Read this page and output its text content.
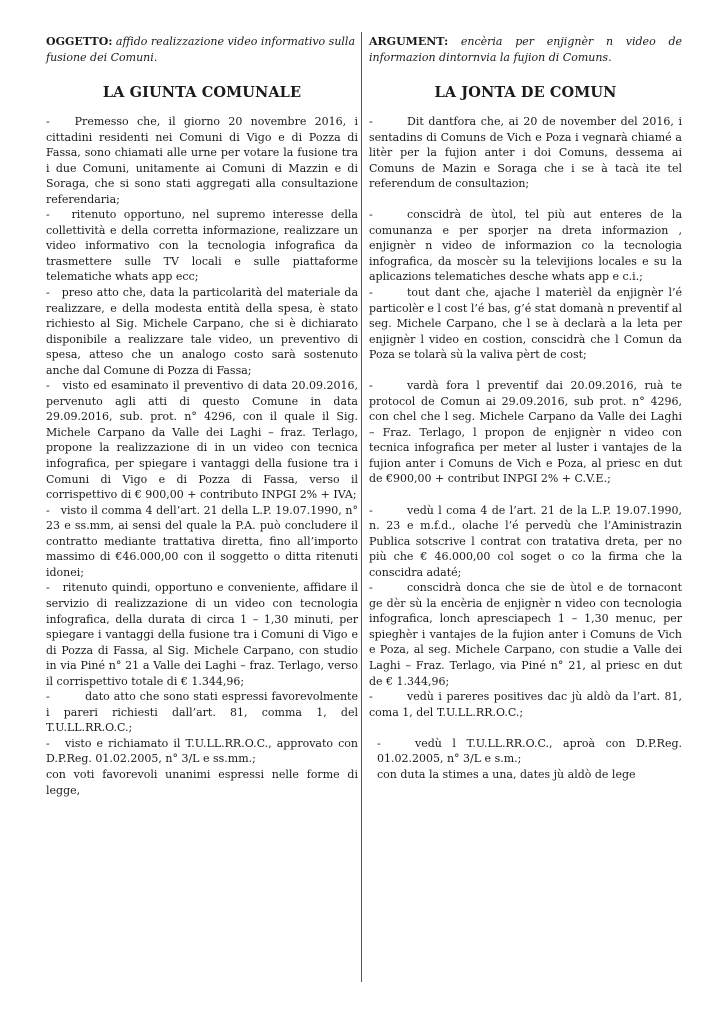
OGGETTO: affido realizzazione video informativo sulla fusione dei Comuni.

LA GIUNTA COMUNALE

-   Premesso che, il giorno 20 novembre 2016, i cittadini residenti nei Comuni di Vigo e di Pozza di Fassa, sono chiamati alle urne per votare la fusione tra i due Comuni, unitamente ai Comuni di Mazzin e di Soraga, che si sono stati aggregati alla consultazione referendaria;

-   ritenuto opportuno, nel supremo interesse della collettività e della corretta informazione, realizzare un video informativo con la tecnologia infografica da trasmettere sulle TV locali e sulle piattaforme telematiche whats app ecc;

-   preso atto che, data la particolarità del materiale da realizzare, e della modesta entità della spesa, è stato richiesto al Sig. Michele Carpano, che si è dichiarato disponibile a realizzare tale video, un preventivo di spesa, atteso che un analogo costo sarà sostenuto anche dal Comune di Pozza di Fassa;

-   visto ed esaminato il preventivo di data 20.09.2016, pervenuto agli atti di questo Comune in data 29.09.2016, sub. prot. n° 4296, con il quale il Sig. Michele Carpano da Valle dei Laghi – fraz. Terlago, propone la realizzazione di in un video con tecnica infografica, per spiegare i vantaggi della fusione tra i Comuni di Vigo e di Pozza di Fassa, verso il corrispettivo di € 900,00 + contributo INPGI 2% + IVA;

-   visto il comma 4 dell’art. 21 della L.P. 19.07.1990, n° 23 e ss.mm, ai sensi del quale la P.A. può concludere il contratto mediante trattativa diretta, fino all’importo massimo di €46.000,00 con il soggetto o ditta ritenuti idonei;

-   ritenuto quindi, opportuno e conveniente, affidare il servizio di realizzazione di un video con tecnologia infografica, della durata di circa 1 – 1,30 minuti, per spiegare i vantaggi della fusione tra i Comuni di Vigo e di Pozza di Fassa, al Sig. Michele Carpano, con studio in via Piné n° 21 a Valle dei Laghi – fraz. Terlago, verso il corrispettivo totale di € 1.344,96;

-         dato atto che sono stati espressi favorevolmente i pareri richiesti dall’art. 81, comma 1, del T.U.LL.RR.O.C.;

-   visto e richiamato il T.U.LL.RR.O.C., approvato con D.P.Reg. 01.02.2005, n° 3/L e ss.mm.;

con voti favorevoli unanimi espressi nelle forme di legge,

ARGUMENT: encèria per enjignèr n video de informazion dintornvia la fujion di Comuns.

LA JONTA DE COMUN

-	Dit dantfora che, ai 20 de november del 2016, i sentadins di Comuns de Vich e Poza i vegnarà chiamé a litèr per la fujion anter i doi Comuns, dessema ai Comuns de Mazin e Soraga che i se à tacà ite tel referendum de consultazion;

-	conscidrà de ùtol, tel più aut enteres de la comunanza e per sporjer na dreta informazion , enjignèr n video de informazion co la tecnologia infografica, da moscèr su la televijions locales e su la aplicazions telematiches desche whats app e c.i.;

-	tout dant che, ajache l materièl da enjignèr l’é particolèr e l cost l’é bas, g’é stat domanà n preventif al seg. Michele Carpano, che l se à declarà a la leta per enjignèr l video en costion, conscidrà che l Comun da Poza se tolarà sù la valiva pèrt de cost;

-	vardà fora l preventif dai 20.09.2016, ruà te protocol de Comun ai 29.09.2016, sub prot. n° 4296, con chel che l seg. Michele Carpano da Valle dei Laghi – Fraz. Terlago, l propon de enjignèr n video con tecnica infografica per meter al luster i vantajes de la fujion anter i Comuns de Vich e Poza, al priesc en dut de €900,00 + contribut INPGI 2% + C.V.E.;

-	vedù l coma 4 de l’art. 21 de la L.P. 19.07.1990, n. 23 e m.f.d., olache l’é pervedù che l’Aministrazin Publica sotscrive l contrat con tratativa dreta, per no più che € 46.000,00 col soget o co la firma che la conscidra adaté;

-	conscidrà donca che sie de ùtol e de tornacont ge dèr sù la encèria de enjignèr n video con tecnologia infografica, lonch apresciapech 1 – 1,30 menuc, per spieghèr i vantajes de la fujion anter i Comuns de Vich e Poza, al seg. Michele Carpano, con studie a Valle dei Laghi – Fraz. Terlago, via Piné n° 21, al priesc en dut de € 1.344,96;

-	vedù i pareres positives dac jù aldò da l’art. 81, coma 1, del T.U.LL.RR.O.C.;

-	vedù l T.U.LL.RR.O.C., aproà con D.P.Reg. 01.02.2005, n° 3/L e s.m.;

con duta la stimes a una, dates jù aldò de lege
